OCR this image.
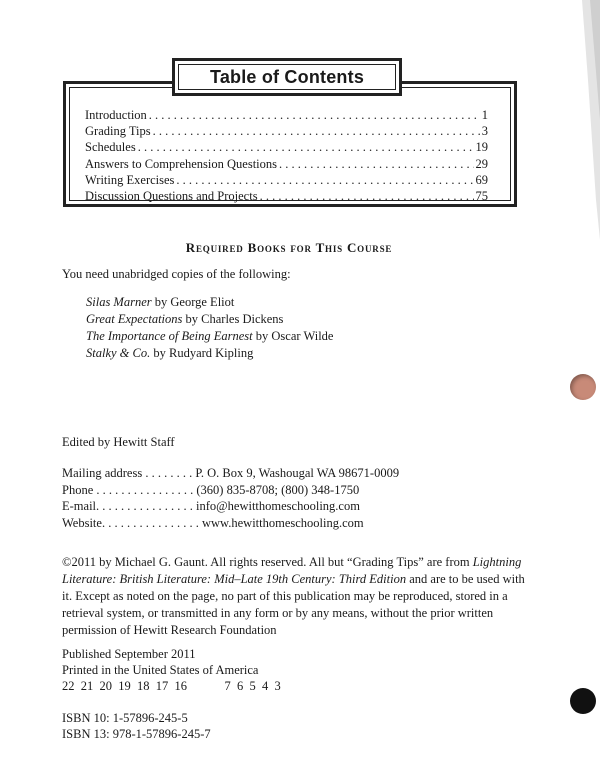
Table of Contents
Introduction . . .	1
Grading Tips . . .	3
Schedules . . .	19
Answers to Comprehension Questions . . .	29
Writing Exercises . . .	69
Discussion Questions and Projects . . .	75
Required Books for This Course
You need unabridged copies of the following:
Silas Marner by George Eliot
Great Expectations by Charles Dickens
The Importance of Being Earnest by Oscar Wilde
Stalky & Co. by Rudyard Kipling
Edited by Hewitt Staff
Mailing address . . . . . . . . P. O. Box 9, Washougal WA 98671-0009
Phone . . . . . . . . . . . . . . . . (360) 835-8708; (800) 348-1750
E-mail. . . . . . . . . . . . . . . . info@hewitthomeschooling.com
Website. . . . . . . . . . . . . . . . www.hewitthomeschooling.com
©2011 by Michael G. Gaunt. All rights reserved. All but “Grading Tips” are from Lightning Literature: British Literature: Mid–Late 19th Century: Third Edition and are to be used with it. Except as noted on the page, no part of this publication may be reproduced, stored in a retrieval system, or transmitted in any form or by any means, without the prior written permission of Hewitt Research Foundation
Published September 2011
Printed in the United States of America
22  21  20  19  18  17  16            7  6  5  4  3
ISBN 10: 1-57896-245-5
ISBN 13: 978-1-57896-245-7
